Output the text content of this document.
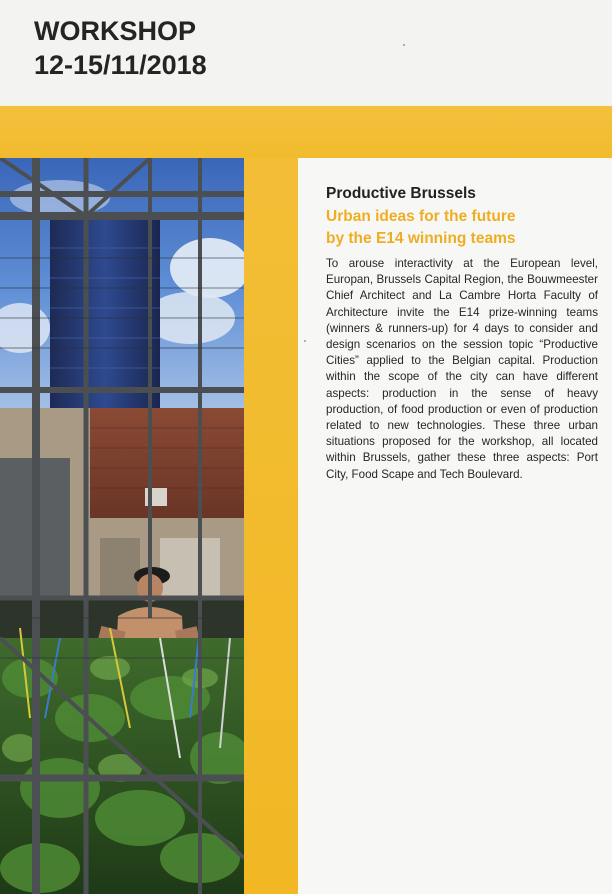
WORKSHOP
12-15/11/2018
Productive Brussels

Urban ideas for the future
by the E14 winning teams

To arouse interactivity at the European level, Europan, Brussels Capital Region, the Bouwmeester Chief Architect and La Cambre Horta Faculty of Architecture invite the E14 prize-winning teams (winners & runners-up) for 4 days to consider and design scenarios on the session topic “Productive Cities” applied to the Belgian capital. Production within the scope of the city can have different aspects: production in the sense of heavy production, of food production or even of production related to new technologies. These three urban situations proposed for the workshop, all located within Brussels, gather these three aspects: Port City, Food Scape and Tech Boulevard.
